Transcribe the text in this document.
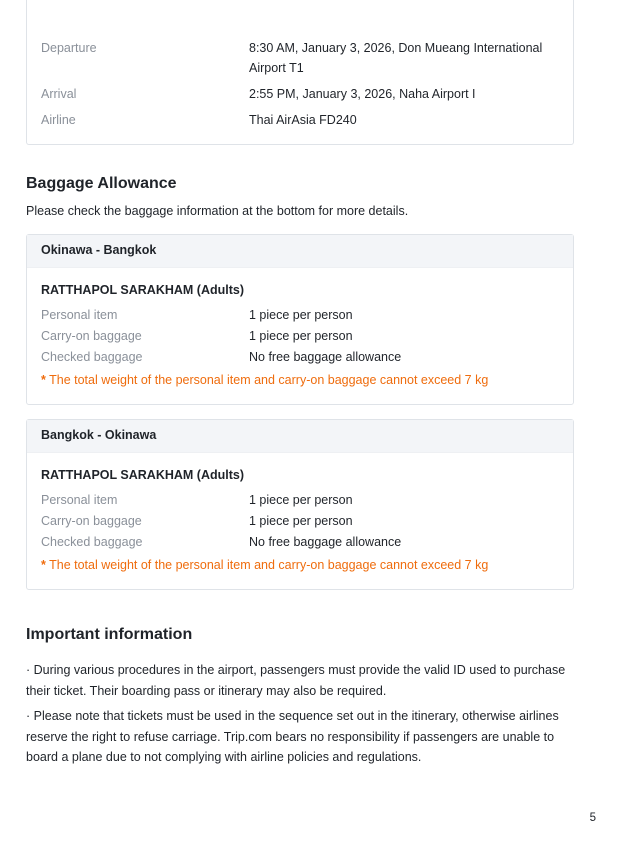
Departure	8:30 AM, January 3, 2026, Don Mueang International Airport T1
Arrival	2:55 PM, January 3, 2026, Naha Airport I
Airline	Thai AirAsia FD240
Baggage Allowance
Please check the baggage information at the bottom for more details.
Okinawa - Bangkok
RATTHAPOL SARAKHAM (Adults)
Personal item	1 piece per person
Carry-on baggage	1 piece per person
Checked baggage	No free baggage allowance
* The total weight of the personal item and carry-on baggage cannot exceed 7 kg
Bangkok - Okinawa
RATTHAPOL SARAKHAM (Adults)
Personal item	1 piece per person
Carry-on baggage	1 piece per person
Checked baggage	No free baggage allowance
* The total weight of the personal item and carry-on baggage cannot exceed 7 kg
Important information
· During various procedures in the airport, passengers must provide the valid ID used to purchase their ticket. Their boarding pass or itinerary may also be required.
· Please note that tickets must be used in the sequence set out in the itinerary, otherwise airlines reserve the right to refuse carriage. Trip.com bears no responsibility if passengers are unable to board a plane due to not complying with airline policies and regulations.
5
